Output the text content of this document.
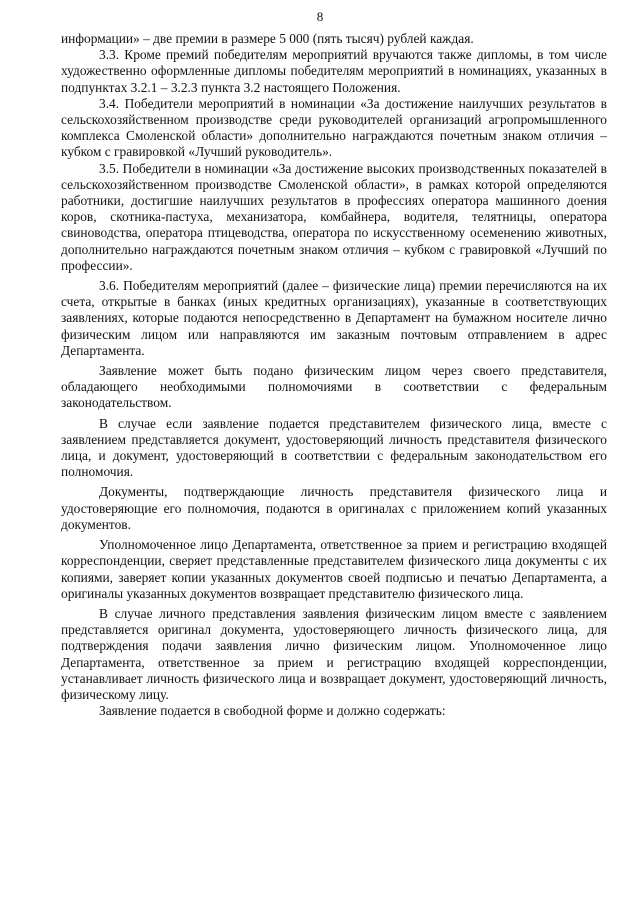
8

информации» – две премии в размере 5 000 (пять тысяч) рублей каждая.

3.3. Кроме премий победителям мероприятий вручаются также дипломы, в том числе художественно оформленные дипломы победителям мероприятий в номинациях, указанных в подпунктах 3.2.1 – 3.2.3 пункта 3.2 настоящего Положения.

3.4. Победители мероприятий в номинации «За достижение наилучших результатов в сельскохозяйственном производстве среди руководителей организаций агропромышленного комплекса Смоленской области» дополнительно награждаются почетным знаком отличия – кубком с гравировкой «Лучший руководитель».

3.5. Победители в номинации «За достижение высоких производственных показателей в сельскохозяйственном производстве Смоленской области», в рамках которой определяются работники, достигшие наилучших результатов в профессиях оператора машинного доения коров, скотника-пастуха, механизатора, комбайнера, водителя, телятницы, оператора свиноводства, оператора птицеводства, оператора по искусственному осеменению животных, дополнительно награждаются почетным знаком отличия – кубком с гравировкой «Лучший по профессии».

3.6. Победителям мероприятий (далее – физические лица) премии перечисляются на их счета, открытые в банках (иных кредитных организациях), указанные в соответствующих заявлениях, которые подаются непосредственно в Департамент на бумажном носителе лично физическим лицом или направляются им заказным почтовым отправлением в адрес Департамента.

Заявление может быть подано физическим лицом через своего представителя, обладающего необходимыми полномочиями в соответствии с федеральным законодательством.

В случае если заявление подается представителем физического лица, вместе с заявлением представляется документ, удостоверяющий личность представителя физического лица, и документ, удостоверяющий в соответствии с федеральным законодательством его полномочия.

Документы, подтверждающие личность представителя физического лица и удостоверяющие его полномочия, подаются в оригиналах с приложением копий указанных документов.

Уполномоченное лицо Департамента, ответственное за прием и регистрацию входящей корреспонденции, сверяет представленные представителем физического лица документы с их копиями, заверяет копии указанных документов своей подписью и печатью Департамента, а оригиналы указанных документов возвращает представителю физического лица.

В случае личного представления заявления физическим лицом вместе с заявлением представляется оригинал документа, удостоверяющего личность физического лица, для подтверждения подачи заявления лично физическим лицом. Уполномоченное лицо Департамента, ответственное за прием и регистрацию входящей корреспонденции, устанавливает личность физического лица и возвращает документ, удостоверяющий личность, физическому лицу.

Заявление подается в свободной форме и должно содержать:
